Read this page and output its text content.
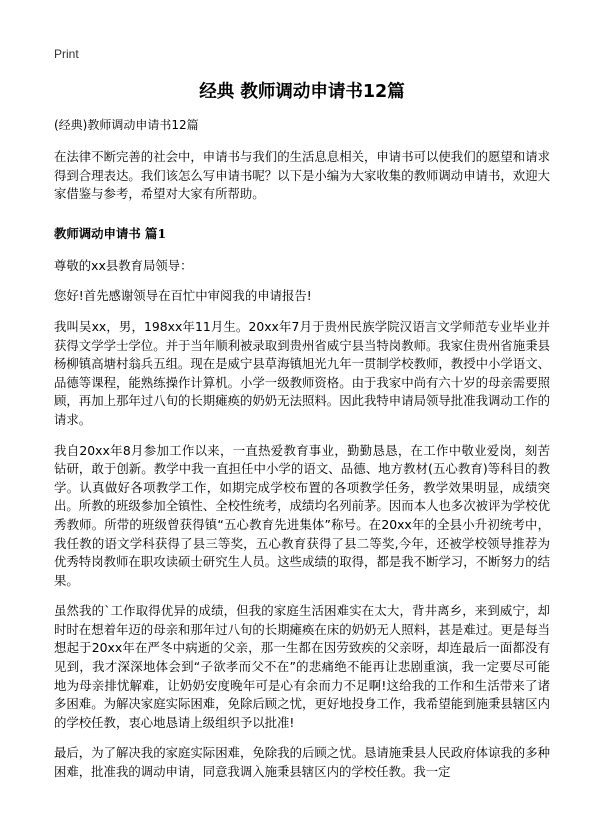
Print
经典 教师调动申请书12篇
(经典)教师调动申请书12篇

在法律不断完善的社会中，申请书与我们的生活息息相关，申请书可以使我们的愿望和请求得到合理表达。我们该怎么写申请书呢？以下是小编为大家收集的教师调动申请书，欢迎大家借鉴与参考，希望对大家有所帮助。

教师调动申请书 篇1

尊敬的xx县教育局领导：

您好!首先感谢领导在百忙中审阅我的申请报告!

我叫吴xx，男，198xx年11月生。20xx年7月于贵州民族学院汉语言文学师范专业毕业并获得文学学士学位。并于当年顺利被录取到贵州省威宁县当特岗教师。我家住贵州省施秉县杨柳镇高塘村翁兵五组。现在是威宁县草海镇旭光九年一贯制学校教师，教授中小学语文、品德等课程，能熟练操作计算机。小学一级教师资格。由于我家中尚有六十岁的母亲需要照顾，再加上那年过八旬的长期瘫痪的奶奶无法照料。因此我特申请局领导批准我调动工作的请求。

我自20xx年8月参加工作以来，一直热爱教育事业，勤勤恳恳，在工作中敬业爱岗，刻苦钻研，敢于创新。教学中我一直担任中小学的语文、品德、地方教材(五心教育)等科目的教学。认真做好各项教学工作，如期完成学校布置的各项教学任务，教学效果明显，成绩突出。所教的班级参加全镇性、全校性统考，成绩均名列前茅。因而本人也多次被评为学校优秀教师。所带的班级曾获得镇“五心教育先进集体”称号。在20xx年的全县小升初统考中，我任教的语文学科获得了县三等奖，五心教育获得了县二等奖,今年，还被学校领导推荐为优秀特岗教师在职攻读硕士研究生人员。这些成绩的取得，都是我不断学习，不断努力的结果。

虽然我的`工作取得优异的成绩，但我的家庭生活困难实在太大，背井离乡，来到威宁，却时时在想着年迈的母亲和那年过八旬的长期瘫痪在床的奶奶无人照料，甚是难过。更是每当想起于20xx年在严冬中病逝的父亲，那一生都在因劳致疾的父亲呀，却连最后一面都没有见到，我才深深地体会到“子欲孝而父不在”的悲痛绝不能再让悲剧重演，我一定要尽可能地为母亲排忧解难，让奶奶安度晚年可是心有余而力不足啊!这给我的工作和生活带来了诸多困难。为解决家庭实际困难，免除后顾之忧，更好地投身工作，我希望能到施秉县辖区内的学校任教，衷心地恳请上级组织予以批准!

最后，为了解决我的家庭实际困难，免除我的后顾之忧。恳请施秉县人民政府体谅我的多种困难，批准我的调动申请，同意我调入施秉县辖区内的学校任教。我一定
